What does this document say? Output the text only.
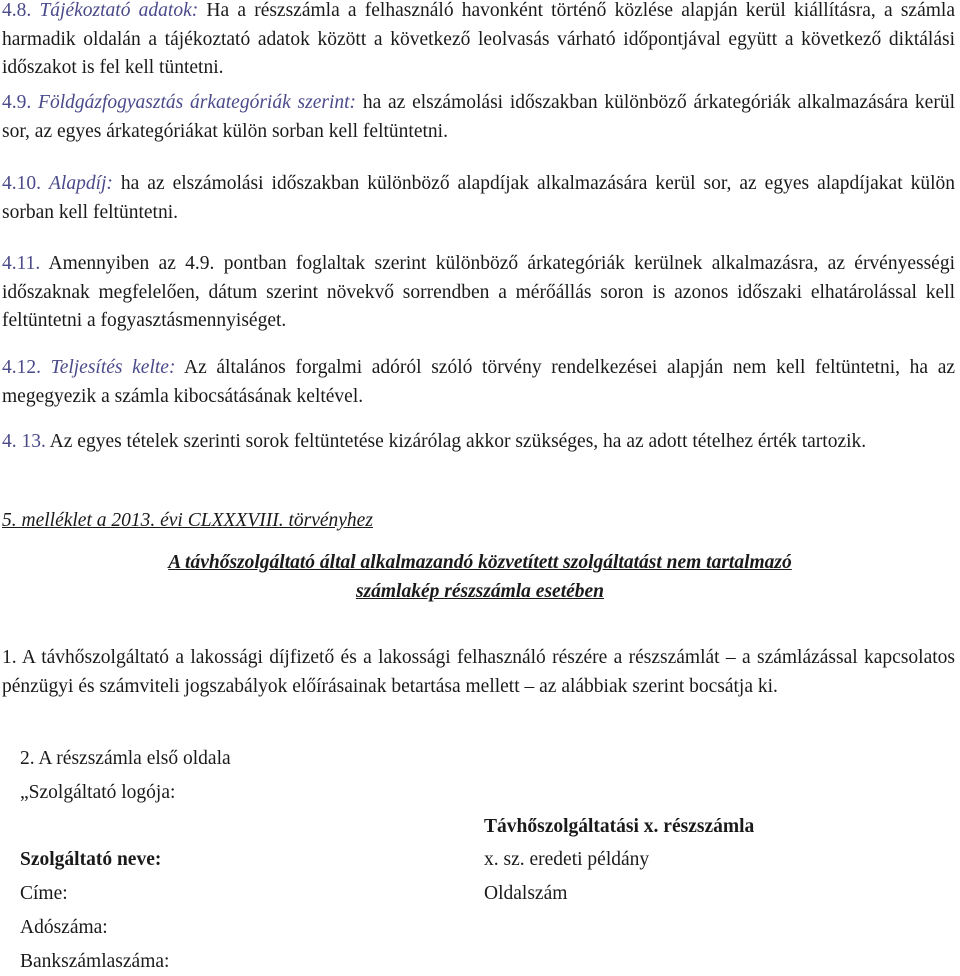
4.8. Tájékoztató adatok: Ha a részszámla a felhasználó havonként történő közlése alapján kerül kiállításra, a számla harmadik oldalán a tájékoztató adatok között a következő leolvasás várható időpontjával együtt a következő diktálási időszakot is fel kell tüntetni.

4.9. Földgázfogyasztás árkategóriák szerint: ha az elszámolási időszakban különböző árkategóriák alkalmazására kerül sor, az egyes árkategóriákat külön sorban kell feltüntetni.

4.10. Alapdíj: ha az elszámolási időszakban különböző alapdíjak alkalmazására kerül sor, az egyes alapdíjakat külön sorban kell feltüntetni.

4.11. Amennyiben az 4.9. pontban foglaltak szerint különböző árkategóriák kerülnek alkalmazásra, az érvényességi időszaknak megfelelően, dátum szerint növekvő sorrendben a mérőállás soron is azonos időszaki elhatárolással kell feltüntetni a fogyasztásmennyiséget.

4.12. Teljesítés kelte: Az általános forgalmi adóról szóló törvény rendelkezései alapján nem kell feltüntetni, ha az megegyezik a számla kibocsátásának keltével.

4. 13. Az egyes tételek szerinti sorok feltüntetése kizárólag akkor szükséges, ha az adott tételhez érték tartozik.

5. melléklet a 2013. évi CLXXXVIII. törvényhez

A távhőszolgáltató által alkalmazandó közvetített szolgáltatást nem tartalmazó

számlakép részszámla esetében

1. A távhőszolgáltató a lakossági díjfizető és a lakossági felhasználó részére a részszámlát – a számlázással kapcsolatos pénzügyi és számviteli jogszabályok előírásainak betartása mellett – az alábbiak szerint bocsátja ki.

2. A részszámla első oldala

„Szolgáltató logója:

Távhőszolgáltatási x. részszámla

Szolgáltató neve:	x. sz. eredeti példány

Címe:	Oldalszám

Adószáma:

Bankszámlaszáma:
